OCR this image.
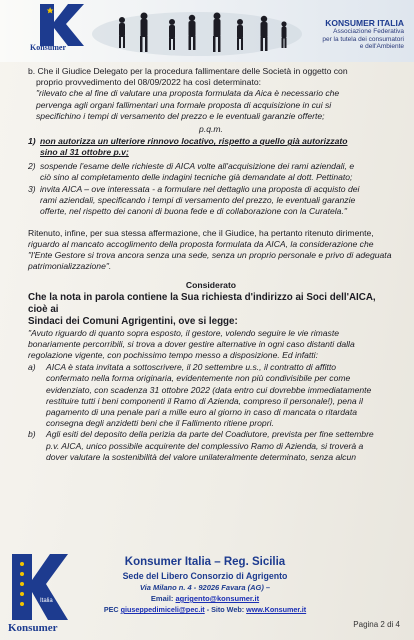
Konsumer
KONSUMER ITALIA
Associazione Federativa
per la tutela dei consumatori
e dell'Ambiente

b. Che il Giudice Delegato per la procedura fallimentare delle Società in oggetto con

proprio provvedimento del 08/09/2022 ha così determinato:

"rilevato che al fine di valutare una proposta formulata da Aica è necessario che

pervenga agli organi fallimentari una formale proposta di acquisizione in cui si

specifichino i tempi di versamento del prezzo e le eventuali garanzie offerte;

p.q.m.

1) non autorizza un ulteriore rinnovo locativo, rispetto a quello già autorizzato

sino al 31 ottobre p.v;

2) sospende l'esame delle richieste di AICA volte all'acquisizione dei rami aziendali, e

ciò sino al completamento delle indagini tecniche già demandate al dott. Pettinato;

3) invita AICA – ove interessata - a formulare nel dettaglio una proposta di acquisto dei

rami aziendali, specificando i tempi di versamento del prezzo, le eventuali garanzie

offerte, nel rispetto dei canoni di buona fede e di collaborazione con la Curatela."

Ritenuto, infine, per sua stessa affermazione, che il Giudice, ha pertanto ritenuto dirimente,

riguardo al mancato accoglimento della proposta formulata da AICA, la considerazione che

"l'Ente Gestore si trova ancora senza una sede, senza un proprio personale e privo di adeguata

patrimonializzazione".

Considerato

Che la nota in parola contiene la Sua richiesta d'indirizzo ai Soci dell'AICA, cioè ai

Sindaci dei Comuni Agrigentini, ove si legge:

"Avuto riguardo di quanto sopra esposto, il gestore, volendo seguire le vie rimaste

bonariamente percorribili, si trova a dover gestire alternative in ogni caso distanti dalla

regolazione vigente, con pochissimo tempo messo a disposizione. Ed infatti:

a) AICA è stata invitata a sottoscrivere, il 20 settembre u.s., il contratto di affitto

confermato nella forma originaria, evidentemente non più condivisibile per come

evidenziato, con scadenza 31 ottobre 2022 (data entro cui dovrebbe immediatamente

restituire tutti i beni componenti il Ramo di Azienda, compreso il personale!), pena il

pagamento di una penale pari a mille euro al giorno in caso di mancata o ritardata

consegna degli anzidetti beni che il Fallimento ritiene propri.

b) Agli esiti del deposito della perizia da parte del Coadiutore, prevista per fine settembre

p.v. AICA, unico possibile acquirente del complessivo Ramo di Azienda, si troverà a

dover valutare la sostenibilità del valore unilateralmente determinato, senza alcun

Italia
Konsumer
Konsumer Italia – Reg. Sicilia
Sede del Libero Consorzio di Agrigento
Via Milano n. 4 - 92026 Favara (AG) –
Email: agrigento@konsumer.it
PEC giuseppedimiceli@pec.it - Sito Web: www.Konsumer.it
Pagina 2 di 4
